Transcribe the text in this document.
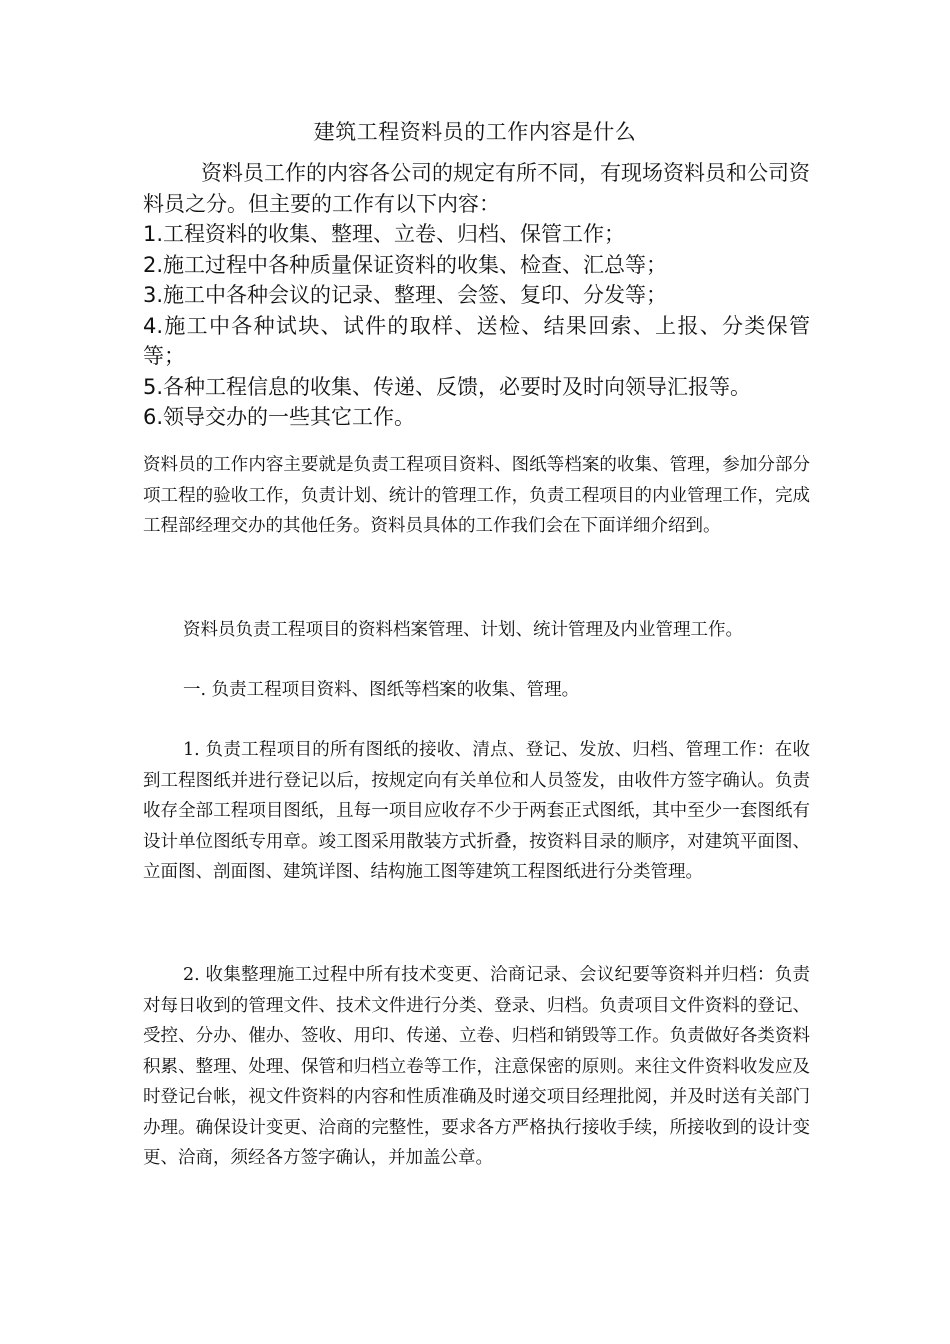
建筑工程资料员的工作内容是什么

资料员工作的内容各公司的规定有所不同，有现场资料员和公司资料员之分。但主要的工作有以下内容：

1.工程资料的收集、整理、立卷、归档、保管工作；

2.施工过程中各种质量保证资料的收集、检查、汇总等；

3.施工中各种会议的记录、整理、会签、复印、分发等；

4.施工中各种试块、试件的取样、送检、结果回索、上报、分类保管等；

5.各种工程信息的收集、传递、反馈，必要时及时向领导汇报等。

6.领导交办的一些其它工作。

资料员的工作内容主要就是负责工程项目资料、图纸等档案的收集、管理，参加分部分项工程的验收工作，负责计划、统计的管理工作，负责工程项目的内业管理工作，完成工程部经理交办的其他任务。资料员具体的工作我们会在下面详细介绍到。

资料员负责工程项目的资料档案管理、计划、统计管理及内业管理工作。

一. 负责工程项目资料、图纸等档案的收集、管理。

1. 负责工程项目的所有图纸的接收、清点、登记、发放、归档、管理工作：在收到工程图纸并进行登记以后，按规定向有关单位和人员签发，由收件方签字确认。负责收存全部工程项目图纸，且每一项目应收存不少于两套正式图纸，其中至少一套图纸有设计单位图纸专用章。竣工图采用散装方式折叠，按资料目录的顺序，对建筑平面图、立面图、剖面图、建筑详图、结构施工图等建筑工程图纸进行分类管理。

2. 收集整理施工过程中所有技术变更、洽商记录、会议纪要等资料并归档：负责对每日收到的管理文件、技术文件进行分类、登录、归档。负责项目文件资料的登记、受控、分办、催办、签收、用印、传递、立卷、归档和销毁等工作。负责做好各类资料积累、整理、处理、保管和归档立卷等工作，注意保密的原则。来往文件资料收发应及时登记台帐，视文件资料的内容和性质准确及时递交项目经理批阅，并及时送有关部门办理。确保设计变更、洽商的完整性，要求各方严格执行接收手续，所接收到的设计变更、洽商，须经各方签字确认，并加盖公章。
